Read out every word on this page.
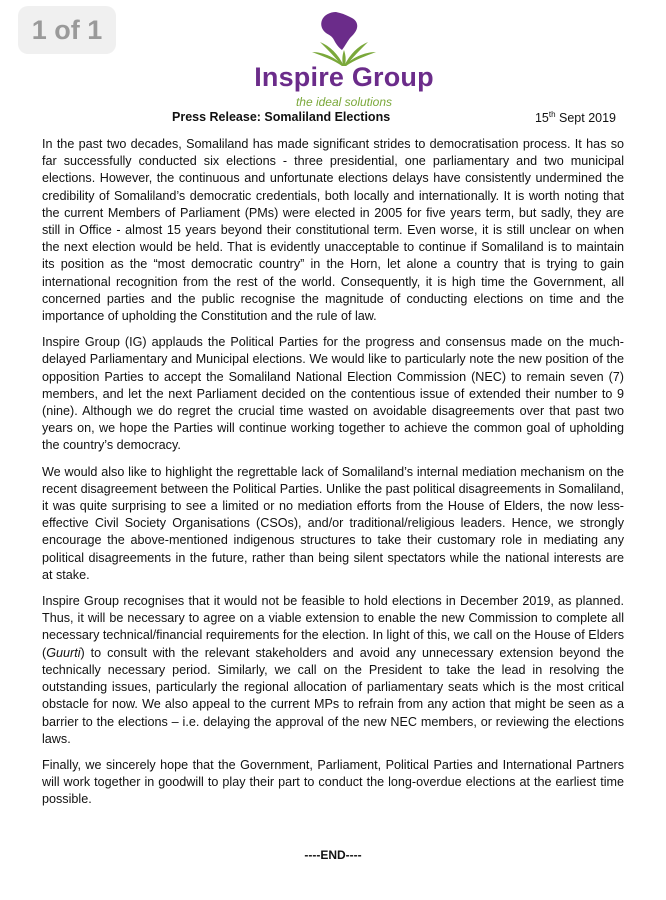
1 of 1
Inspire Group
the ideal solutions
Press Release: Somaliland Elections	15th Sept 2019

In the past two decades, Somaliland has made significant strides to democratisation process. It has so far successfully conducted six elections - three presidential, one parliamentary and two municipal elections. However, the continuous and unfortunate elections delays have consistently undermined the credibility of Somaliland’s democratic credentials, both locally and internationally. It is worth noting that the current Members of Parliament (PMs) were elected in 2005 for five years term, but sadly, they are still in Office - almost 15 years beyond their constitutional term. Even worse, it is still unclear on when the next election would be held. That is evidently unacceptable to continue if Somaliland is to maintain its position as the “most democratic country” in the Horn, let alone a country that is trying to gain international recognition from the rest of the world. Consequently, it is high time the Government, all concerned parties and the public recognise the magnitude of conducting elections on time and the importance of upholding the Constitution and the rule of law.

Inspire Group (IG) applauds the Political Parties for the progress and consensus made on the much-delayed Parliamentary and Municipal elections. We would like to particularly note the new position of the opposition Parties to accept the Somaliland National Election Commission (NEC) to remain seven (7) members, and let the next Parliament decided on the contentious issue of extended their number to 9 (nine). Although we do regret the crucial time wasted on avoidable disagreements over that past two years on, we hope the Parties will continue working together to achieve the common goal of upholding the country’s democracy.

We would also like to highlight the regrettable lack of Somaliland’s internal mediation mechanism on the recent disagreement between the Political Parties. Unlike the past political disagreements in Somaliland, it was quite surprising to see a limited or no mediation efforts from the House of Elders, the now less-effective Civil Society Organisations (CSOs), and/or traditional/religious leaders. Hence, we strongly encourage the above-mentioned indigenous structures to take their customary role in mediating any political disagreements in the future, rather than being silent spectators while the national interests are at stake.

Inspire Group recognises that it would not be feasible to hold elections in December 2019, as planned. Thus, it will be necessary to agree on a viable extension to enable the new Commission to complete all necessary technical/financial requirements for the election. In light of this, we call on the House of Elders (Guurti) to consult with the relevant stakeholders and avoid any unnecessary extension beyond the technically necessary period. Similarly, we call on the President to take the lead in resolving the outstanding issues, particularly the regional allocation of parliamentary seats which is the most critical obstacle for now. We also appeal to the current MPs to refrain from any action that might be seen as a barrier to the elections – i.e. delaying the approval of the new NEC members, or reviewing the elections laws.

Finally, we sincerely hope that the Government, Parliament, Political Parties and International Partners will work together in goodwill to play their part to conduct the long-overdue elections at the earliest time possible.

----END----
